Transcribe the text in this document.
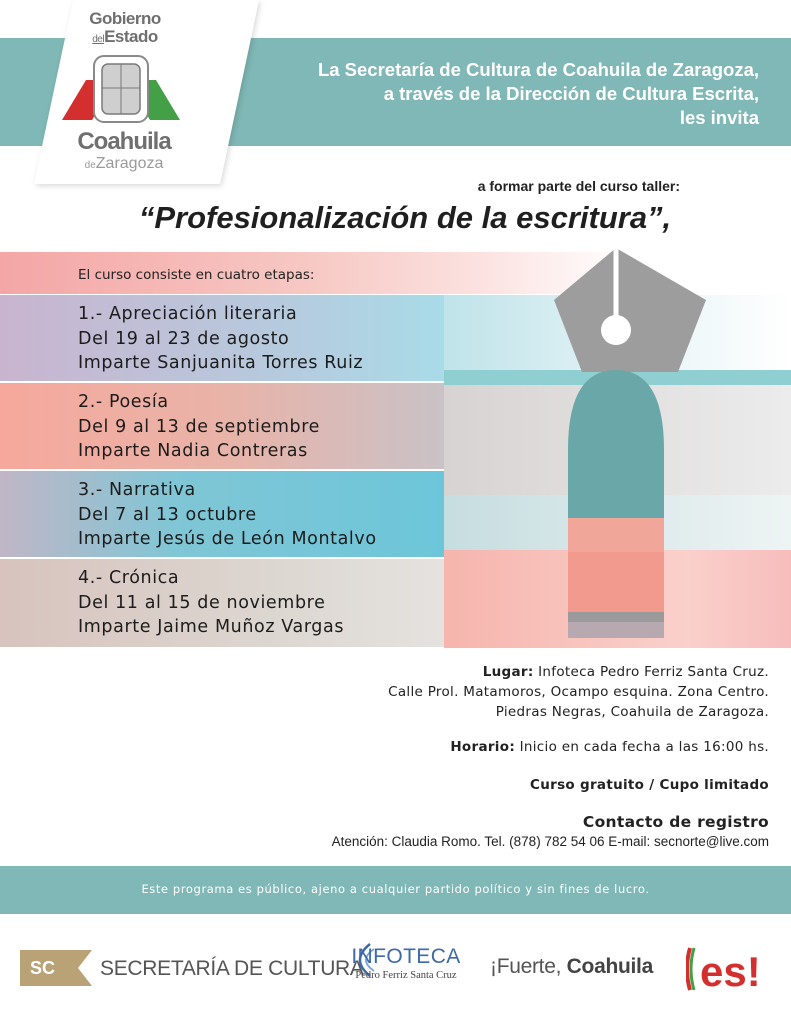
La Secretaría de Cultura de Coahuila de Zaragoza,
a través de la Dirección de Cultura Escrita,
les invita
Gobierno
delEstado
Coahuila
deZaragoza
a formar parte del curso taller:
“Profesionalización de la escritura”,
El curso consiste en cuatro etapas:
1.- Apreciación literaria
Del 19 al 23 de agosto
Imparte Sanjuanita Torres Ruiz
2.- Poesía
Del 9 al 13 de septiembre
Imparte Nadia Contreras
3.- Narrativa
Del 7 al 13 octubre
Imparte Jesús de León Montalvo
4.- Crónica
Del 11 al 15 de noviembre
Imparte Jaime Muñoz Vargas
Lugar: Infoteca Pedro Ferriz Santa Cruz.
Calle Prol. Matamoros, Ocampo esquina. Zona Centro.
Piedras Negras, Coahuila de Zaragoza.
Horario: Inicio en cada fecha a las 16:00 hs.
Curso gratuito / Cupo limitado
Contacto de registro
Atención: Claudia Romo. Tel. (878) 782 54 06 E-mail: secnorte@live.com
Este programa es público, ajeno a cualquier partido político y sin fines de lucro.
SC	SECRETARÍA DE CULTURA
INFOTECA
Pedro Ferriz Santa Cruz ¡Fuerte, Coahuila es!
